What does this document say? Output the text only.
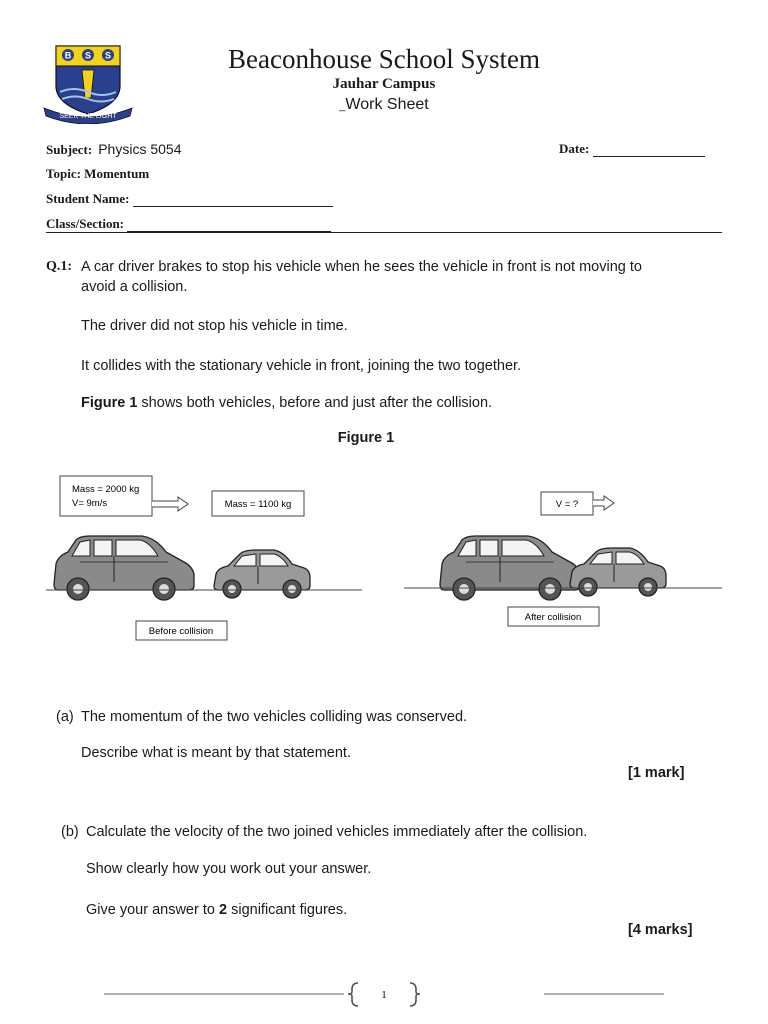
B S S
SEEK THE LIGHT
Beaconhouse School System
Jauhar Campus
_Work Sheet
Subject: Physics 5054	Date:
Topic: Momentum
Student Name:
Class/Section:
Q.1: A car driver brakes to stop his vehicle when he sees the vehicle in front is not moving to
avoid a collision.
The driver did not stop his vehicle in time.
It collides with the stationary vehicle in front, joining the two together.
Figure 1 shows both vehicles, before and just after the collision.
Figure 1
Mass = 2000 kg
V= 9m/s	Mass = 1100 kg
Before collision
V = ?
After collision
(a) The momentum of the two vehicles colliding was conserved.
Describe what is meant by that statement.
[1 mark]
(b) Calculate the velocity of the two joined vehicles immediately after the collision.
Show clearly how you work out your answer.
Give your answer to 2 significant figures.
[4 marks]
1
